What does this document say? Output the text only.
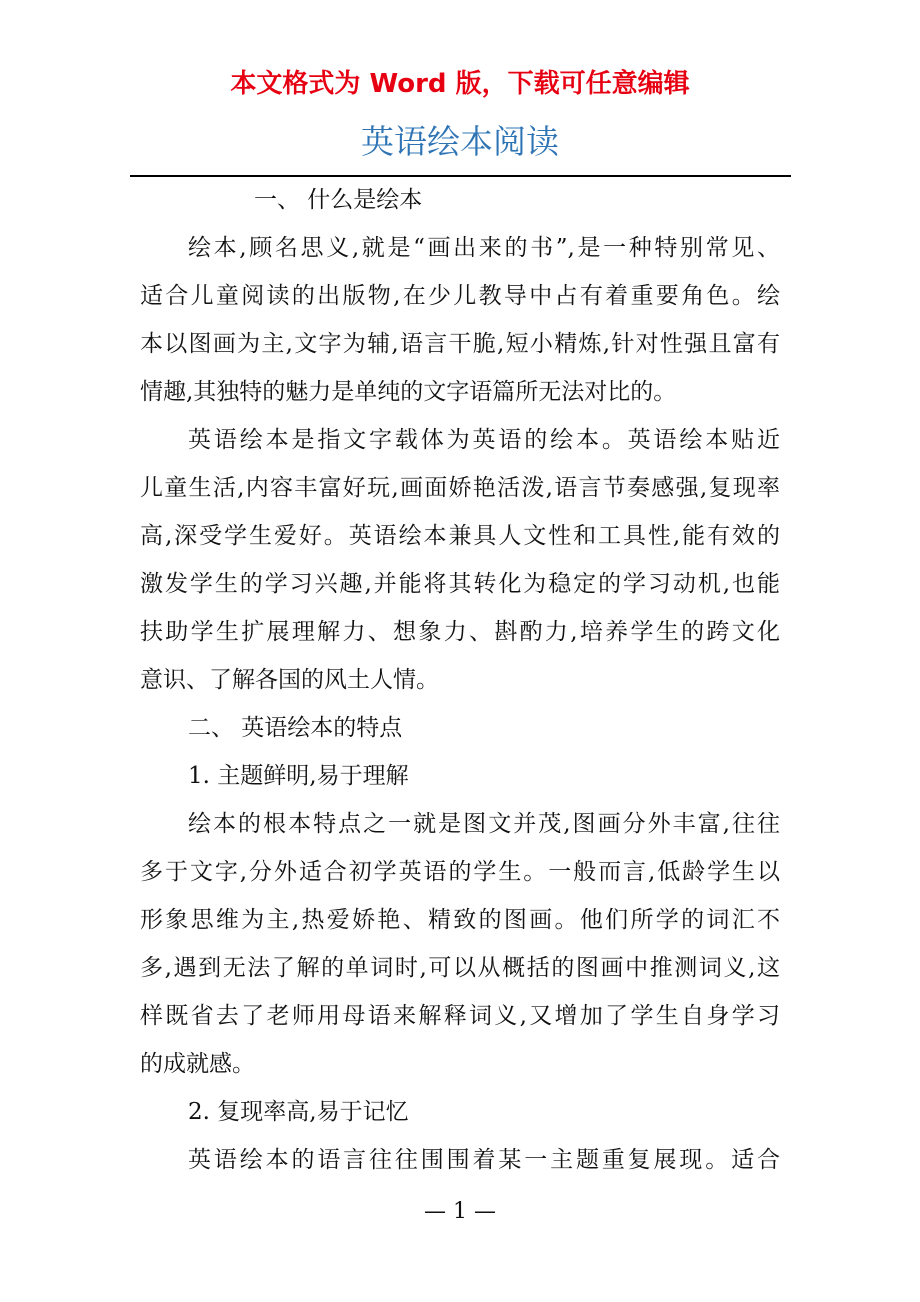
本文格式为 Word 版，下载可任意编辑
英语绘本阅读
一、 什么是绘本
绘本,顾名思义,就是“画出来的书”,是一种特别常见、
适合儿童阅读的出版物,在少儿教导中占有着重要角色。绘
本以图画为主,文字为辅,语言干脆,短小精炼,针对性强且富有
情趣,其独特的魅力是单纯的文字语篇所无法对比的。
英语绘本是指文字载体为英语的绘本。英语绘本贴近
儿童生活,内容丰富好玩,画面娇艳活泼,语言节奏感强,复现率
高,深受学生爱好。英语绘本兼具人文性和工具性,能有效的
激发学生的学习兴趣,并能将其转化为稳定的学习动机,也能
扶助学生扩展理解力、想象力、斟酌力,培养学生的跨文化
意识、了解各国的风土人情。
二、 英语绘本的特点
1. 主题鲜明,易于理解
绘本的根本特点之一就是图文并茂,图画分外丰富,往往
多于文字,分外适合初学英语的学生。一般而言,低龄学生以
形象思维为主,热爱娇艳、精致的图画。他们所学的词汇不
多,遇到无法了解的单词时,可以从概括的图画中推测词义,这
样既省去了老师用母语来解释词义,又增加了学生自身学习
的成就感。
2. 复现率高,易于记忆
英语绘本的语言往往围围着某一主题重复展现。适合
— 1 —
